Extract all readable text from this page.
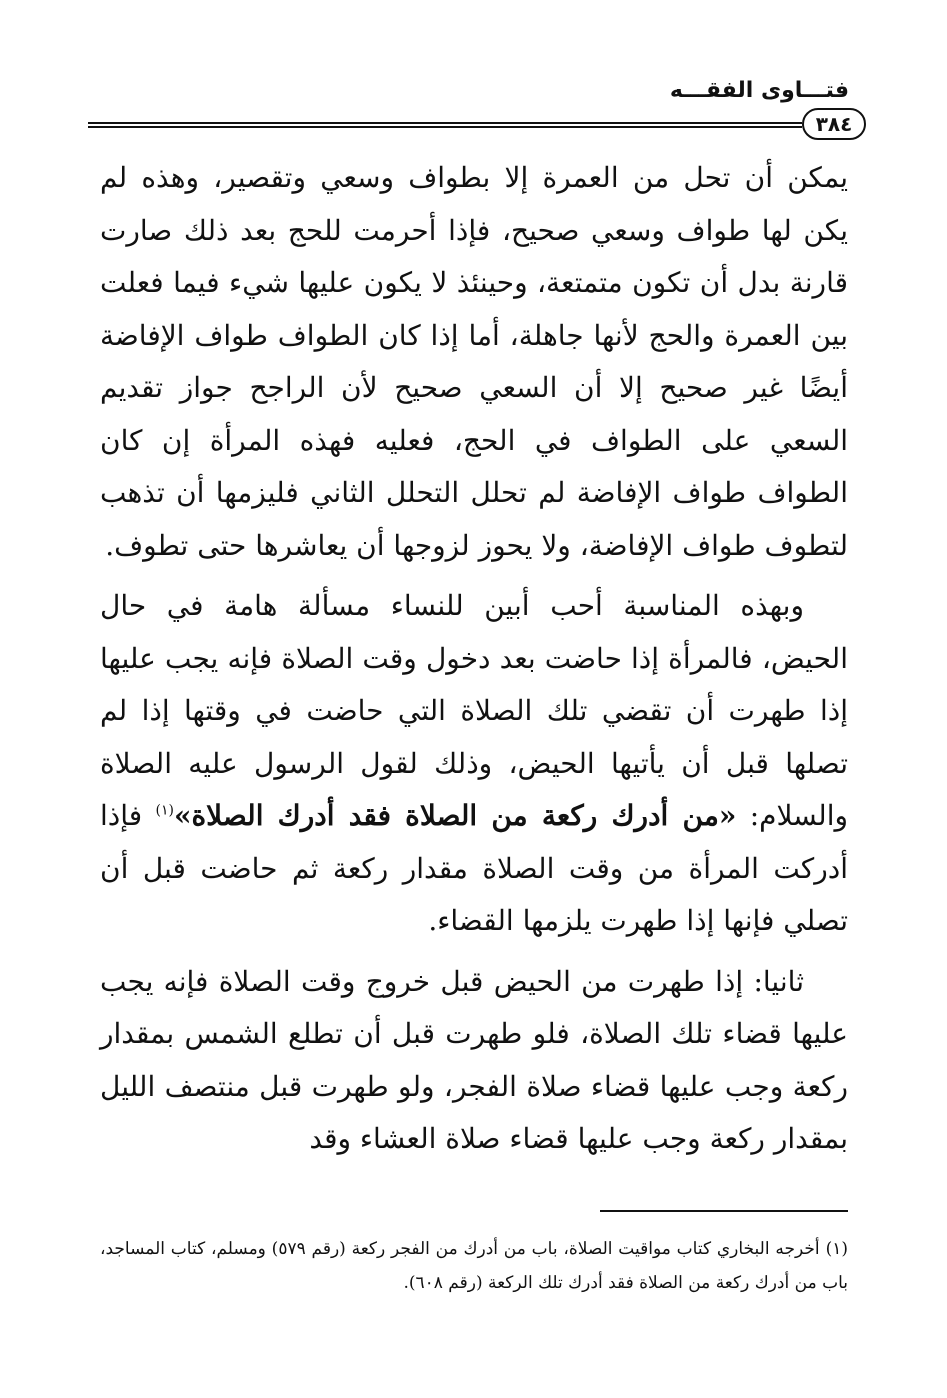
فتـــاوى الفقـــه
٣٨٤

يمكن أن تحل من العمرة إلا بطواف وسعي وتقصير، وهذه لم يكن لها طواف وسعي صحيح، فإذا أحرمت للحج بعد ذلك صارت قارنة بدل أن تكون متمتعة، وحينئذ لا يكون عليها شيء فيما فعلت بين العمرة والحج لأنها جاهلة، أما إذا كان الطواف طواف الإفاضة أيضًا غير صحيح إلا أن السعي صحيح لأن الراجح جواز تقديم السعي على الطواف في الحج، فعليه فهذه المرأة إن كان الطواف طواف الإفاضة لم تحلل التحلل الثاني فليزمها أن تذهب لتطوف طواف الإفاضة، ولا يحوز لزوجها أن يعاشرها حتى تطوف.

وبهذه المناسبة أحب أبين للنساء مسألة هامة في حال الحيض، فالمرأة إذا حاضت بعد دخول وقت الصلاة فإنه يجب عليها إذا طهرت أن تقضي تلك الصلاة التي حاضت في وقتها إذا لم تصلها قبل أن يأتيها الحيض، وذلك لقول الرسول عليه الصلاة والسلام: «من أدرك ركعة من الصلاة فقد أدرك الصلاة»$^{(١)}$ فإذا أدركت المرأة من وقت الصلاة مقدار ركعة ثم حاضت قبل أن تصلي فإنها إذا طهرت يلزمها القضاء.

ثانيا: إذا طهرت من الحيض قبل خروج وقت الصلاة فإنه يجب عليها قضاء تلك الصلاة، فلو طهرت قبل أن تطلع الشمس بمقدار ركعة وجب عليها قضاء صلاة الفجر، ولو طهرت قبل منتصف الليل بمقدار ركعة وجب عليها قضاء صلاة العشاء وقد

(١)أخرجه البخاري كتاب مواقيت الصلاة، باب من أدرك من الفجر ركعة (رقم ٥٧٩) ومسلم، كتاب المساجد، باب من أدرك ركعة من الصلاة فقد أدرك تلك الركعة (رقم ٦٠٨).
